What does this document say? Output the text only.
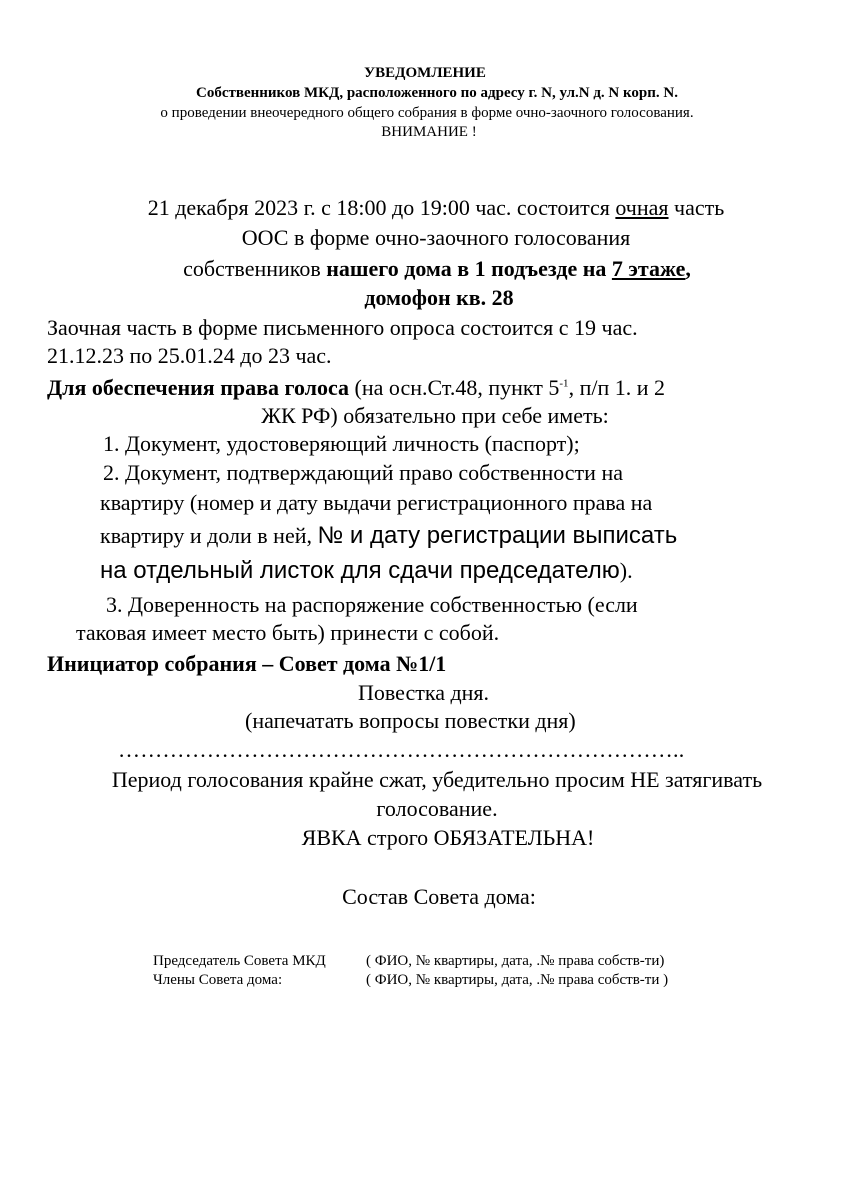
УВЕДОМЛЕНИЕ
Собственников МКД, расположенного по адресу г. N, ул.N д. N корп. N.
о проведении внеочередного общего собрания в форме очно-заочного голосования.
ВНИМАНИЕ !
21 декабря 2023 г. с 18:00 до 19:00 час. состоится очная часть
ООС в форме очно-заочного голосования
собственников нашего дома в 1 подъезде на 7 этаже,
домофон кв. 28
Заочная часть в форме письменного опроса состоится с 19 час.
21.12.23 по 25.01.24 до 23 час.
Для обеспечения права голоса (на осн.Ст.48, пункт $5^{-1}$, п/п 1. и 2
ЖК РФ) обязательно при себе иметь:
1. Документ, удостоверяющий личность (паспорт);
2. Документ, подтверждающий право собственности на
квартиру (номер и дату выдачи регистрационного права на
квартиру и доли в ней, № и дату регистрации выписать
на отдельный листок для сдачи председателю).
3. Доверенность на распоряжение собственностью (если
таковая имеет место быть) принести с собой.
Инициатор собрания – Совет дома №1/1
Повестка дня.
(напечатать вопросы повестки дня)
…………………………………………………………………..
Период голосования крайне сжат, убедительно просим НЕ затягивать
голосование.
ЯВКА строго ОБЯЗАТЕЛЬНА!
Состав Совета дома:
Председатель Совета МКД	( ФИО, № квартиры, дата, .№ права собств-ти)
Члены Совета дома:	( ФИО, № квартиры, дата, .№ права собств-ти )
